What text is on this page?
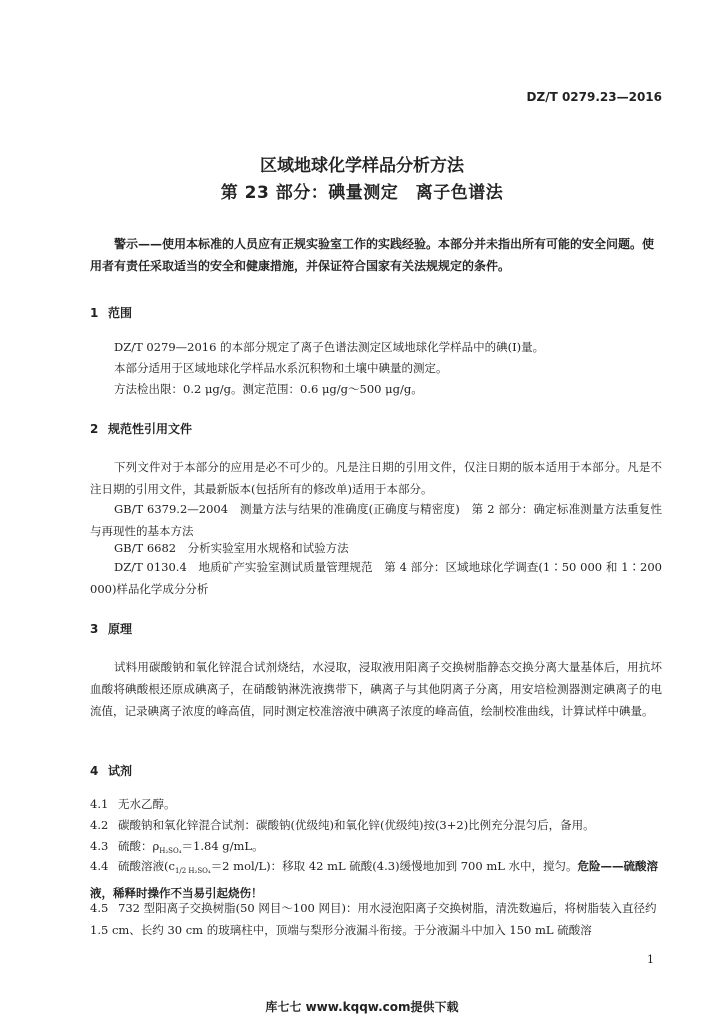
DZ/T 0279.23—2016
区域地球化学样品分析方法
第 23 部分：碘量测定　离子色谱法
警示——使用本标准的人员应有正规实验室工作的实践经验。本部分并未指出所有可能的安全问题。使用者有责任采取适当的安全和健康措施，并保证符合国家有关法规规定的条件。
1 范围
DZ/T 0279—2016 的本部分规定了离子色谱法测定区域地球化学样品中的碘(I)量。
本部分适用于区域地球化学样品水系沉积物和土壤中碘量的测定。
方法检出限：0.2 μg/g。测定范围：0.6 μg/g～500 μg/g。
2 规范性引用文件
下列文件对于本部分的应用是必不可少的。凡是注日期的引用文件，仅注日期的版本适用于本部分。凡是不注日期的引用文件，其最新版本(包括所有的修改单)适用于本部分。
GB/T 6379.2—2004　测量方法与结果的准确度(正确度与精密度)　第 2 部分：确定标准测量方法重复性与再现性的基本方法
GB/T 6682　分析实验室用水规格和试验方法
DZ/T 0130.4　地质矿产实验室测试质量管理规范　第 4 部分：区域地球化学调查(1∶50 000 和 1∶200 000)样品化学成分分析
3 原理
试料用碳酸钠和氧化锌混合试剂烧结，水浸取，浸取液用阳离子交换树脂静态交换分离大量基体后，用抗坏血酸将碘酸根还原成碘离子，在硝酸钠淋洗液携带下，碘离子与其他阴离子分离，用安培检测器测定碘离子的电流值，记录碘离子浓度的峰高值，同时测定校准溶液中碘离子浓度的峰高值，绘制校准曲线，计算试样中碘量。
4 试剂
4.1 无水乙醇。
4.2 碳酸钠和氧化锌混合试剂：碳酸钠(优级纯)和氧化锌(优级纯)按(3+2)比例充分混匀后，备用。
4.3 硫酸：$\rho_{H_2SO_4}=1.84$ g/mL。
4.4 硫酸溶液($c_{1/2 H_2SO_4}=2$ mol/L)：移取 42 mL 硫酸(4.3)缓慢地加到 700 mL 水中，搅匀。危险——硫酸溶液，稀释时操作不当易引起烧伤！
4.5 732 型阳离子交换树脂(50 网目～100 网目)：用水浸泡阳离子交换树脂，清洗数遍后，将树脂装入直径约 1.5 cm、长约 30 cm 的玻璃柱中，顶端与梨形分液漏斗衔接。于分液漏斗中加入 150 mL 硫酸溶
1
库七七 www.kqqw.com提供下载
